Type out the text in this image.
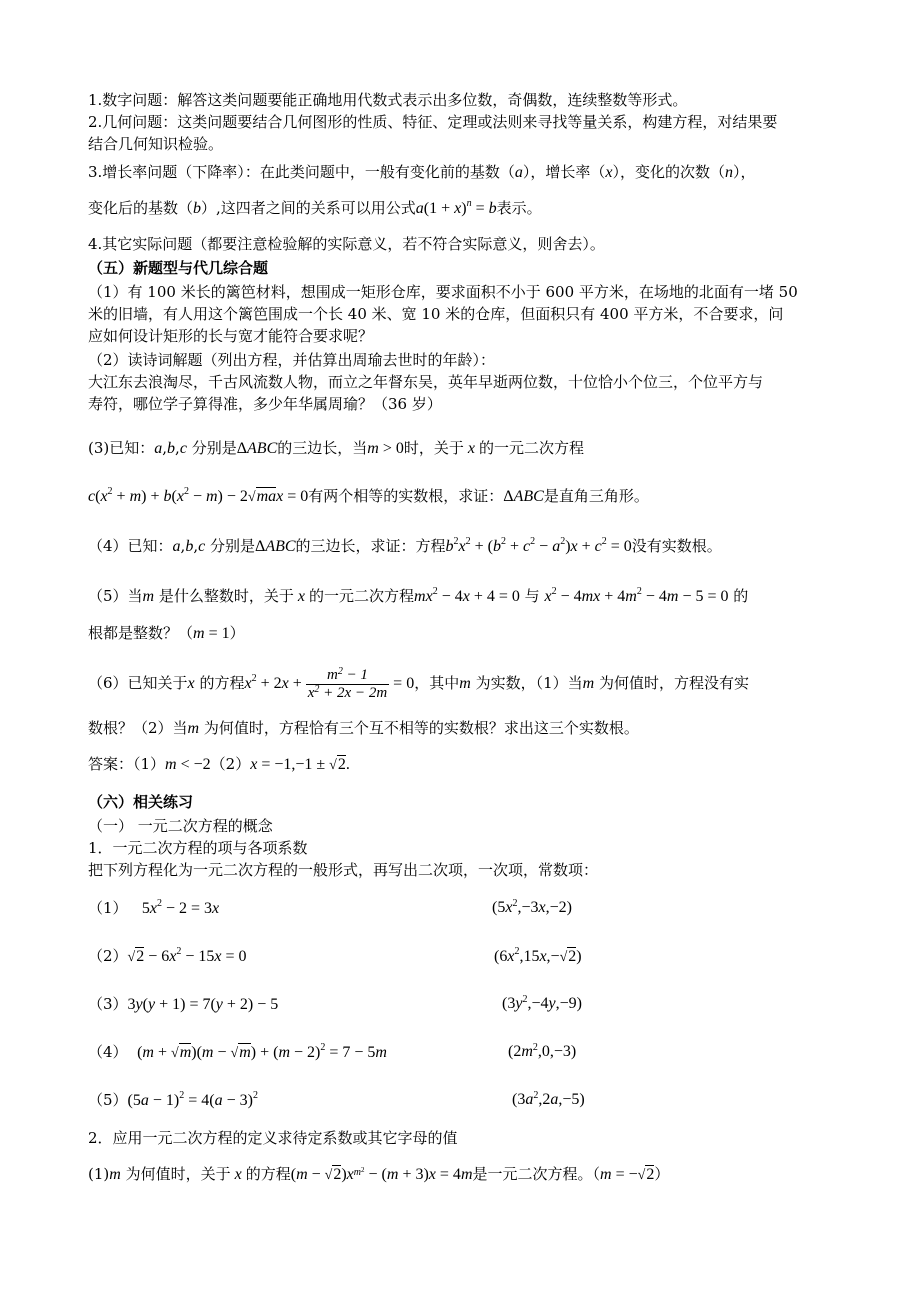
1.数字问题：解答这类问题要能正确地用代数式表示出多位数，奇偶数，连续整数等形式。
2.几何问题：这类问题要结合几何图形的性质、特征、定理或法则来寻找等量关系，构建方程，对结果要
结合几何知识检验。
3.增长率问题（下降率）：在此类问题中，一般有变化前的基数（a），增长率（x），变化的次数（n），
变化后的基数（b）,这四者之间的关系可以用公式$a(1 + x)^n = b$表示。
4.其它实际问题（都要注意检验解的实际意义，若不符合实际意义，则舍去）。
（五）新题型与代几综合题
（1）有 100 米长的篱笆材料，想围成一矩形仓库，要求面积不小于 600 平方米，在场地的北面有一堵 50
米的旧墙，有人用这个篱笆围成一个长 40 米、宽 10 米的仓库，但面积只有 400 平方米，不合要求，问
应如何设计矩形的长与宽才能符合要求呢？
（2）读诗词解题（列出方程，并估算出周瑜去世时的年龄）：
大江东去浪淘尽，千古风流数人物，而立之年督东吴，英年早逝两位数，十位恰小个位三，个位平方与
寿符，哪位学子算得准，多少年华属周瑜？（36 岁）
(3)已知：a,b,c 分别是ΔABC的三边长，当m > 0时，关于 x 的一元二次方程
$c(x^2 + m) + b(x^2 - m) - 2√\max = 0$有两个相等的实数根，求证：ΔABC是直角三角形。
（4）已知：a,b,c 分别是ΔABC的三边长，求证：方程$b^2x^2 + (b^2 + c^2 - a^2)x + c^2 = 0$没有实数根。
（5）当m 是什么整数时，关于 x 的一元二次方程$mx^2 - 4x + 4 = 0$ 与 $x^2 - 4mx + 4m^2 - 4m - 5 = 0$ 的
根都是整数？（m = 1）
（6）已知关于x 的方程$x^2 + 2x + \frac{m^2 - 1}{x^2 + 2x - 2m} = 0$，其中m 为实数，（1）当m 为何值时，方程没有实
数根？（2）当m 为何值时，方程恰有三个互不相等的实数根？求出这三个实数根。
答案：（1）m < −2（2）x = −1,−1 ± √2.
（六）相关练习
（一） 一元二次方程的概念
1．一元二次方程的项与各项系数
把下列方程化为一元二次方程的一般形式，再写出二次项，一次项，常数项：
（1） $5x^2 - 2 = 3x$	$(5x^2,-3x,-2)$
$(2)√2 - 6x^2 - 15x = 0$	$(6x^2,15x,-√2)$
（3）3y(y + 1) = 7(y + 2) − 5	$(3y^2,-4y,-9)$
（4） $(m + √m)(m - √m) + (m - 2)^2 = 7 - 5m$	$(2m^2,0,-3)$
$(5)(5a - 1)^2 = 4(a - 3)^2$	$(3a^2,2a,-5)$
2．应用一元二次方程的定义求待定系数或其它字母的值
(1)m 为何值时，关于 x 的方程$(m - √2)x^{m^2} - (m + 3)x = 4m$是一元二次方程。（m = −√2）
